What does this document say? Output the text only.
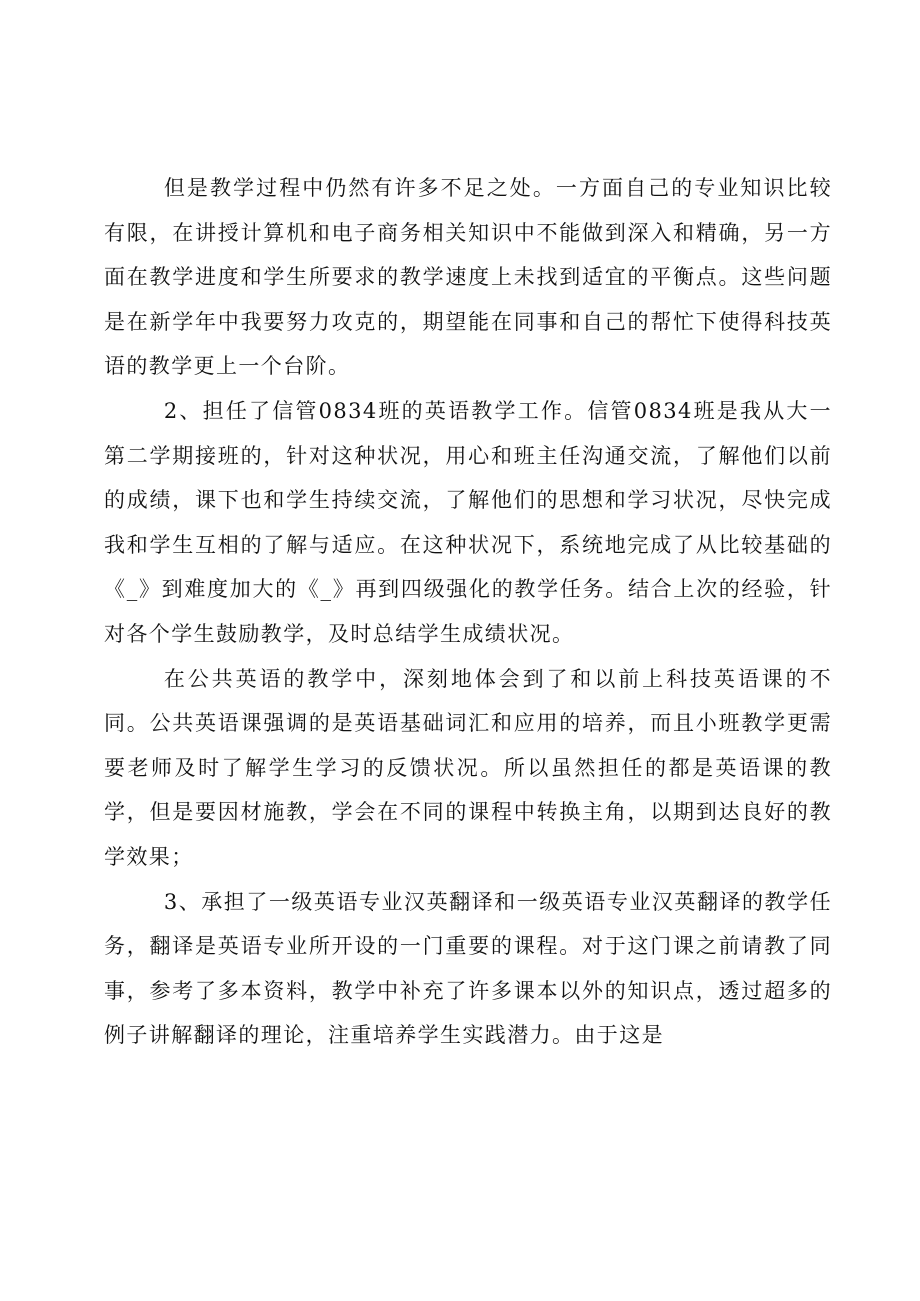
但是教学过程中仍然有许多不足之处。一方面自己的专业知识比较有限，在讲授计算机和电子商务相关知识中不能做到深入和精确，另一方面在教学进度和学生所要求的教学速度上未找到适宜的平衡点。这些问题是在新学年中我要努力攻克的，期望能在同事和自己的帮忙下使得科技英语的教学更上一个台阶。

2、担任了信管0834班的英语教学工作。信管0834班是我从大一第二学期接班的，针对这种状况，用心和班主任沟通交流，了解他们以前的成绩，课下也和学生持续交流，了解他们的思想和学习状况，尽快完成我和学生互相的了解与适应。在这种状况下，系统地完成了从比较基础的《_》到难度加大的《_》再到四级强化的教学任务。结合上次的经验，针对各个学生鼓励教学，及时总结学生成绩状况。

在公共英语的教学中，深刻地体会到了和以前上科技英语课的不同。公共英语课强调的是英语基础词汇和应用的培养，而且小班教学更需要老师及时了解学生学习的反馈状况。所以虽然担任的都是英语课的教学，但是要因材施教，学会在不同的课程中转换主角，以期到达良好的教学效果；

3、承担了一级英语专业汉英翻译和一级英语专业汉英翻译的教学任务，翻译是英语专业所开设的一门重要的课程。对于这门课之前请教了同事，参考了多本资料，教学中补充了许多课本以外的知识点，透过超多的例子讲解翻译的理论，注重培养学生实践潜力。由于这是
